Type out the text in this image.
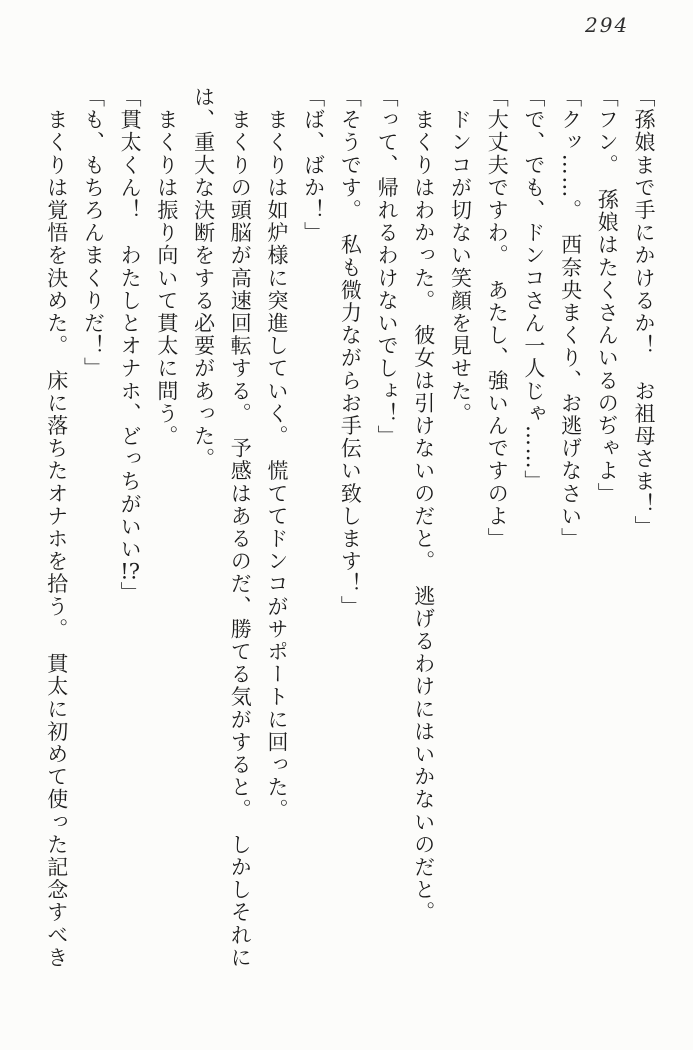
294

「孫娘まで手にかけるか！　お祖母さま！」

「フン。　孫娘はたくさんいるのぢゃよ」

「クッ……。　西奈央まくり、お逃げなさい」

「で、でも、ドンコさん一人じゃ……」

「大丈夫ですわ。　あたし、強いんですのよ」

　ドンコが切ない笑顔を見せた。

　まくりはわかった。　彼女は引けないのだと。　逃げるわけにはいかないのだと。

「って、帰れるわけないでしょ！」

「そうです。　私も微力ながらお手伝い致します！」

「ば、ばか！」

　まくりは如炉様に突進していく。　慌ててドンコがサポートに回った。

　まくりの頭脳が高速回転する。　予感はあるのだ、勝てる気がすると。　しかしそれに

は、重大な決断をする必要があった。

　まくりは振り向いて貫太に問う。

「貫太くん！　わたしとオナホ、どっちがいい!?」

「も、もちろんまくりだ！」

　まくりは覚悟を決めた。　床に落ちたオナホを拾う。　貫太に初めて使った記念すべき
